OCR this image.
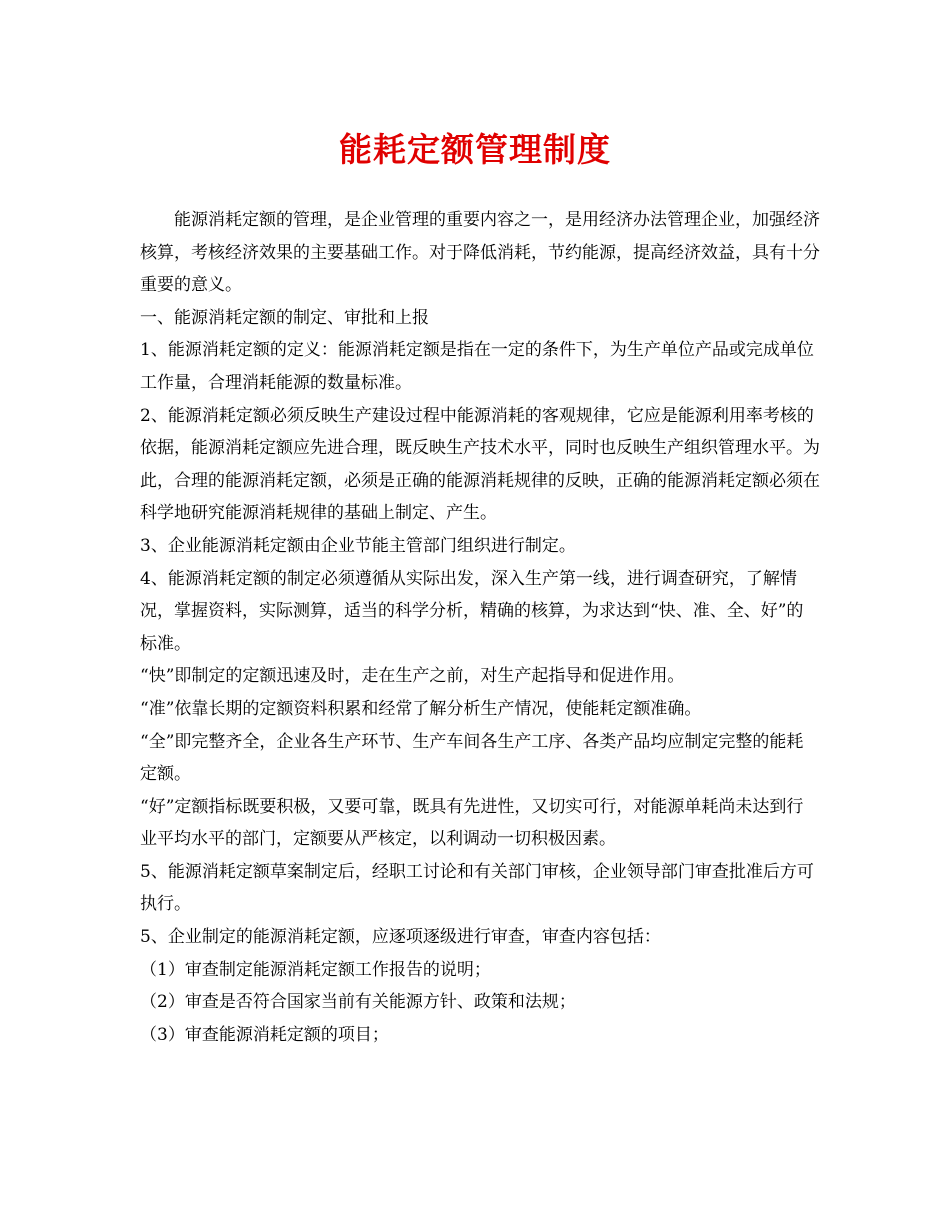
能耗定额管理制度

能源消耗定额的管理，是企业管理的重要内容之一，是用经济办法管理企业，加强经济核算，考核经济效果的主要基础工作。对于降低消耗，节约能源，提高经济效益，具有十分重要的意义。

一、能源消耗定额的制定、审批和上报

1、能源消耗定额的定义：能源消耗定额是指在一定的条件下，为生产单位产品或完成单位工作量，合理消耗能源的数量标准。

2、能源消耗定额必须反映生产建设过程中能源消耗的客观规律，它应是能源利用率考核的依据，能源消耗定额应先进合理，既反映生产技术水平，同时也反映生产组织管理水平。为此，合理的能源消耗定额，必须是正确的能源消耗规律的反映，正确的能源消耗定额必须在科学地研究能源消耗规律的基础上制定、产生。

3、企业能源消耗定额由企业节能主管部门组织进行制定。

4、能源消耗定额的制定必须遵循从实际出发，深入生产第一线，进行调查研究，了解情况，掌握资料，实际测算，适当的科学分析，精确的核算，为求达到“快、准、全、好”的标准。

“快”即制定的定额迅速及时，走在生产之前，对生产起指导和促进作用。

“准”依靠长期的定额资料积累和经常了解分析生产情况，使能耗定额准确。

“全”即完整齐全，企业各生产环节、生产车间各生产工序、各类产品均应制定完整的能耗定额。

“好”定额指标既要积极，又要可靠，既具有先进性，又切实可行，对能源单耗尚未达到行业平均水平的部门，定额要从严核定，以利调动一切积极因素。

5、能源消耗定额草案制定后，经职工讨论和有关部门审核，企业领导部门审查批准后方可执行。

5、企业制定的能源消耗定额，应逐项逐级进行审查，审查内容包括：

（1）审查制定能源消耗定额工作报告的说明；

（2）审查是否符合国家当前有关能源方针、政策和法规；

（3）审查能源消耗定额的项目；
